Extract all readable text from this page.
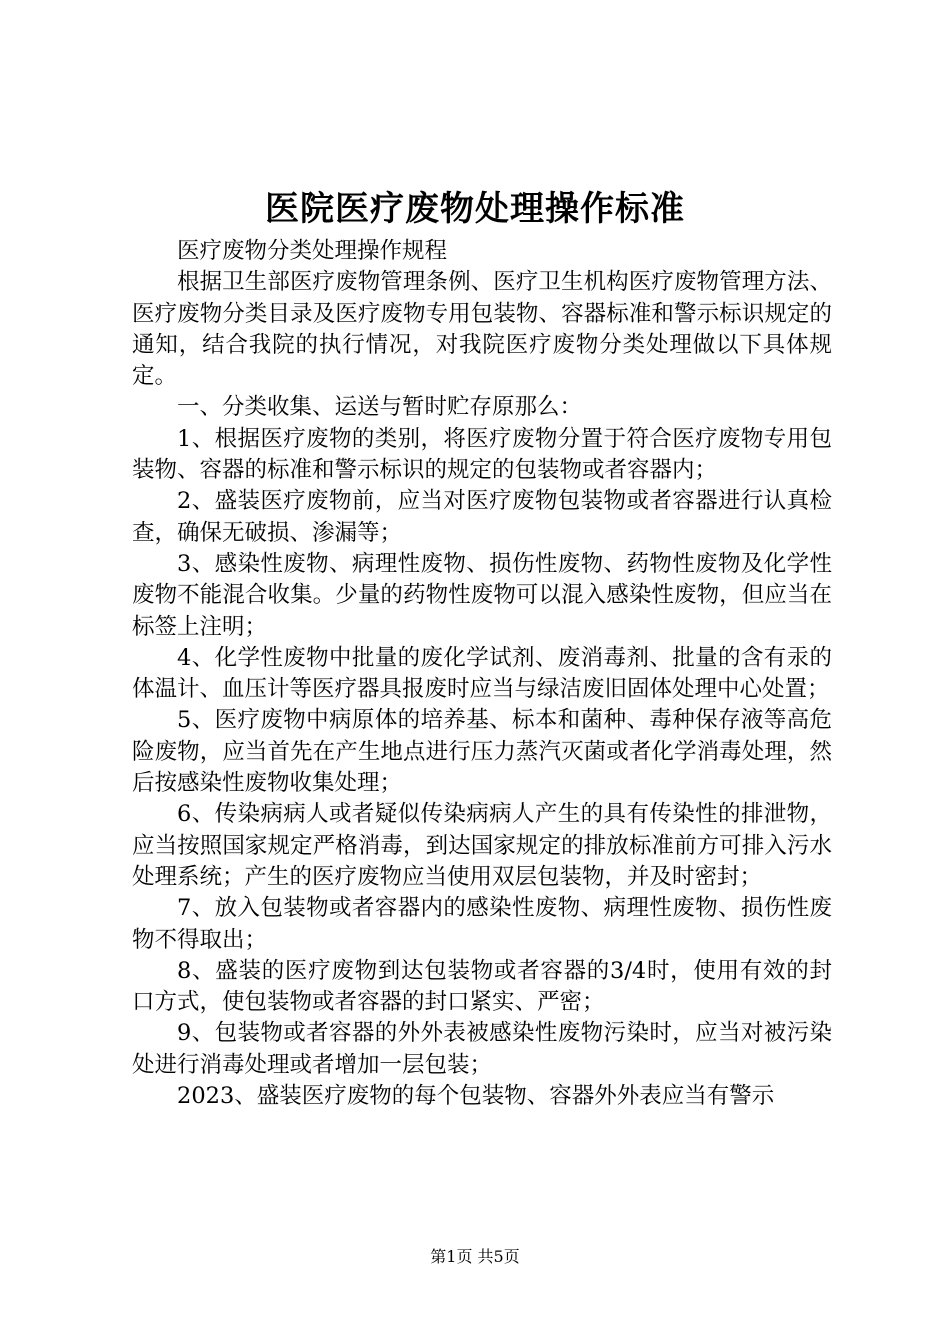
医院医疗废物处理操作标准

医疗废物分类处理操作规程

根据卫生部医疗废物管理条例、医疗卫生机构医疗废物管理方法、医疗废物分类目录及医疗废物专用包装物、容器标准和警示标识规定的通知，结合我院的执行情况，对我院医疗废物分类处理做以下具体规定。

一、分类收集、运送与暂时贮存原那么：

1、根据医疗废物的类别，将医疗废物分置于符合医疗废物专用包装物、容器的标准和警示标识的规定的包装物或者容器内；

2、盛装医疗废物前，应当对医疗废物包装物或者容器进行认真检查，确保无破损、渗漏等；

3、感染性废物、病理性废物、损伤性废物、药物性废物及化学性废物不能混合收集。少量的药物性废物可以混入感染性废物，但应当在标签上注明；

4、化学性废物中批量的废化学试剂、废消毒剂、批量的含有汞的体温计、血压计等医疗器具报废时应当与绿洁废旧固体处理中心处置；

5、医疗废物中病原体的培养基、标本和菌种、毒种保存液等高危险废物，应当首先在产生地点进行压力蒸汽灭菌或者化学消毒处理，然后按感染性废物收集处理；

6、传染病病人或者疑似传染病病人产生的具有传染性的排泄物，应当按照国家规定严格消毒，到达国家规定的排放标准前方可排入污水处理系统；产生的医疗废物应当使用双层包装物，并及时密封；

7、放入包装物或者容器内的感染性废物、病理性废物、损伤性废物不得取出；

8、盛装的医疗废物到达包装物或者容器的3/4时，使用有效的封口方式，使包装物或者容器的封口紧实、严密；

9、包装物或者容器的外外表被感染性废物污染时，应当对被污染处进行消毒处理或者增加一层包装；

2023、盛装医疗废物的每个包装物、容器外外表应当有警示

第1页 共5页
